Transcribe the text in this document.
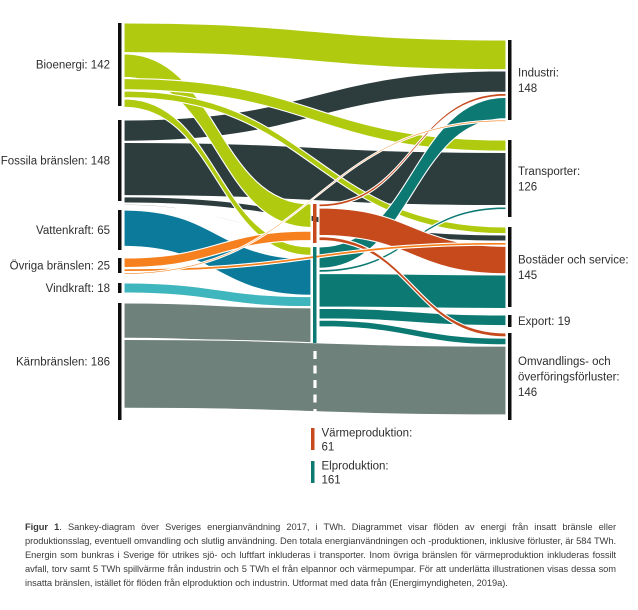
Bioenergi: 142
Fossila bränslen: 148
Vattenkraft: 65
Övriga bränslen: 25
Vindkraft: 18
Kärnbränslen: 186
Industri:
148
Transporter:
126
Bostäder och service:
145
Export: 19
Omvandlings- och
överföringsförluster:
146
Värmeproduktion:
61
Elproduktion:
161
Figur 1. Sankey-diagram över Sveriges energianvändning 2017, i TWh. Diagrammet visar flöden av energi från insatt bränsle eller produktionsslag, eventuell omvandling och slutlig användning. Den totala energianvändningen och -produktionen, inklusive förluster, är 584 TWh. Energin som bunkras i Sverige för utrikes sjö- och luftfart inkluderas i transporter. Inom övriga bränslen för värmeproduktion inkluderas fossilt avfall, torv samt 5 TWh spillvärme från industrin och 5 TWh el från elpannor och värmepumpar. För att underlätta illustrationen visas dessa som insatta bränslen, istället för flöden från elproduktion och industrin. Utformat med data från (Energimyndigheten, 2019a).
